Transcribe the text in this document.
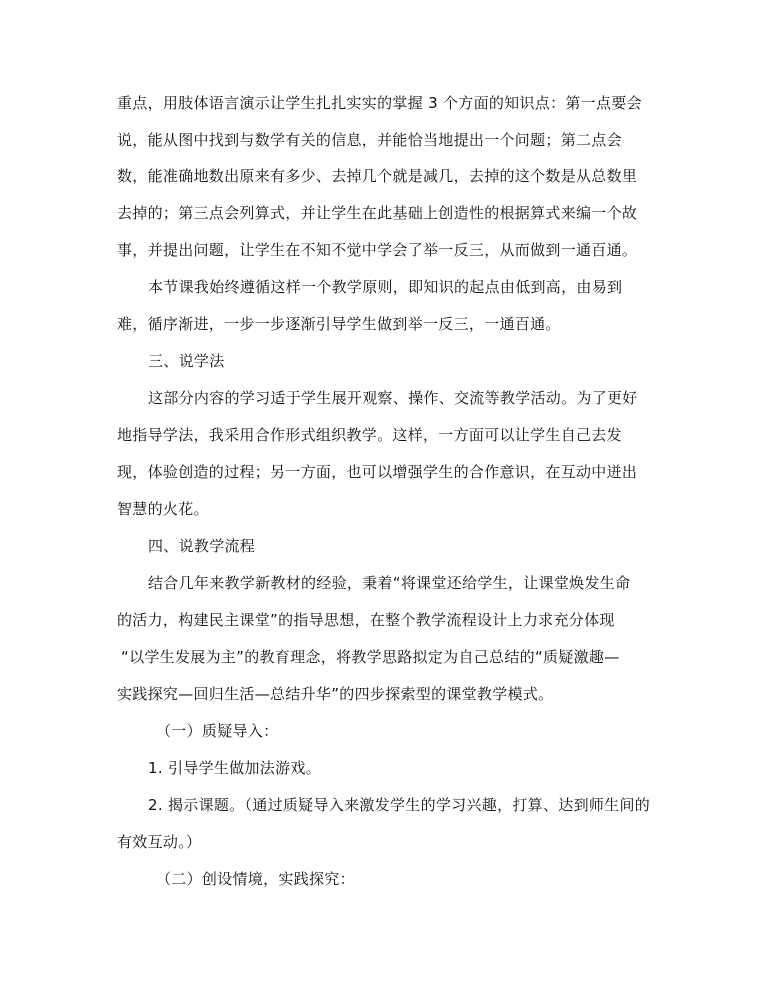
重点，用肢体语言演示让学生扎扎实实的掌握 3 个方面的知识点：第一点要会
说，能从图中找到与数学有关的信息，并能恰当地提出一个问题；第二点会
数，能准确地数出原来有多少、去掉几个就是减几，去掉的这个数是从总数里
去掉的；第三点会列算式，并让学生在此基础上创造性的根据算式来编一个故
事，并提出问题，让学生在不知不觉中学会了举一反三，从而做到一通百通。
本节课我始终遵循这样一个教学原则，即知识的起点由低到高，由易到
难，循序渐进，一步一步逐渐引导学生做到举一反三，一通百通。
三、说学法
这部分内容的学习适于学生展开观察、操作、交流等教学活动。为了更好
地指导学法，我采用合作形式组织教学。这样，一方面可以让学生自己去发
现，体验创造的过程；另一方面，也可以增强学生的合作意识，在互动中迸出
智慧的火花。
四、说教学流程
结合几年来教学新教材的经验，秉着“将课堂还给学生，让课堂焕发生命
的活力，构建民主课堂”的指导思想，在整个教学流程设计上力求充分体现
“以学生发展为主”的教育理念，将教学思路拟定为自己总结的“质疑激趣—
实践探究—回归生活—总结升华”的四步探索型的课堂教学模式。
（一）质疑导入：
1. 引导学生做加法游戏。
2. 揭示课题。（通过质疑导入来激发学生的学习兴趣，打算、达到师生间的
有效互动。）
（二）创设情境，实践探究：
